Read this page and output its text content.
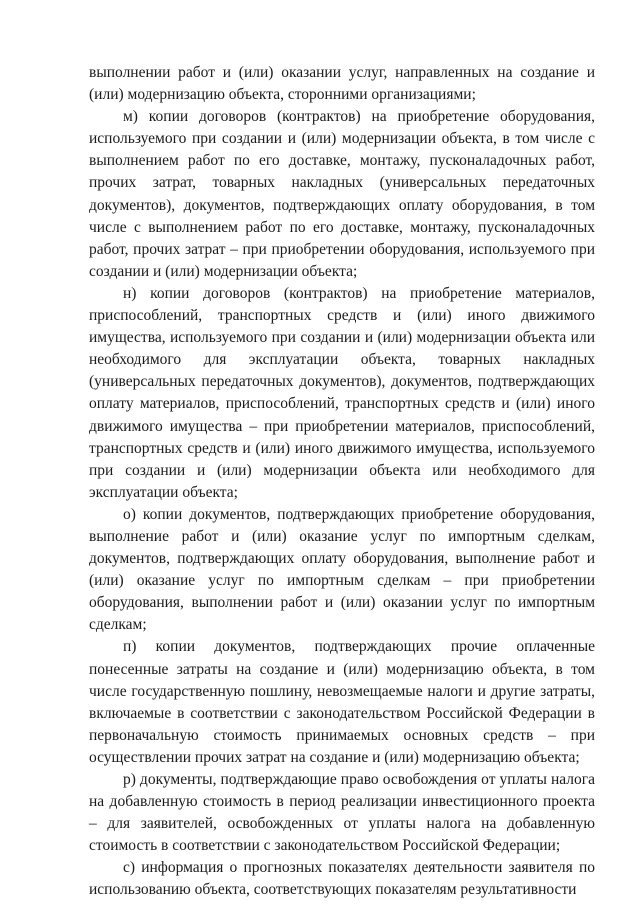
выполнении работ и (или) оказании услуг, направленных на создание и (или) модернизацию объекта, сторонними организациями;

м) копии договоров (контрактов) на приобретение оборудования, используемого при создании и (или) модернизации объекта, в том числе с выполнением работ по его доставке, монтажу, пусконаладочных работ, прочих затрат, товарных накладных (универсальных передаточных документов), документов, подтверждающих оплату оборудования, в том числе с выполнением работ по его доставке, монтажу, пусконаладочных работ, прочих затрат – при приобретении оборудования, используемого при создании и (или) модернизации объекта;

н) копии договоров (контрактов) на приобретение материалов, приспособлений, транспортных средств и (или) иного движимого имущества, используемого при создании и (или) модернизации объекта или необходимого для эксплуатации объекта, товарных накладных (универсальных передаточных документов), документов, подтверждающих оплату материалов, приспособлений, транспортных средств и (или) иного движимого имущества – при приобретении материалов, приспособлений, транспортных средств и (или) иного движимого имущества, используемого при создании и (или) модернизации объекта или необходимого для эксплуатации объекта;

о) копии документов, подтверждающих приобретение оборудования, выполнение работ и (или) оказание услуг по импортным сделкам, документов, подтверждающих оплату оборудования, выполнение работ и (или) оказание услуг по импортным сделкам – при приобретении оборудования, выполнении работ и (или) оказании услуг по импортным сделкам;

п) копии документов, подтверждающих прочие оплаченные понесенные затраты на создание и (или) модернизацию объекта, в том числе государственную пошлину, невозмещаемые налоги и другие затраты, включаемые в соответствии с законодательством Российской Федерации в первоначальную стоимость принимаемых основных средств – при осуществлении прочих затрат на создание и (или) модернизацию объекта;

р) документы, подтверждающие право освобождения от уплаты налога на добавленную стоимость в период реализации инвестиционного проекта – для заявителей, освобожденных от уплаты налога на добавленную стоимость в соответствии с законодательством Российской Федерации;

с) информация о прогнозных показателях деятельности заявителя по использованию объекта, соответствующих показателям результативности
